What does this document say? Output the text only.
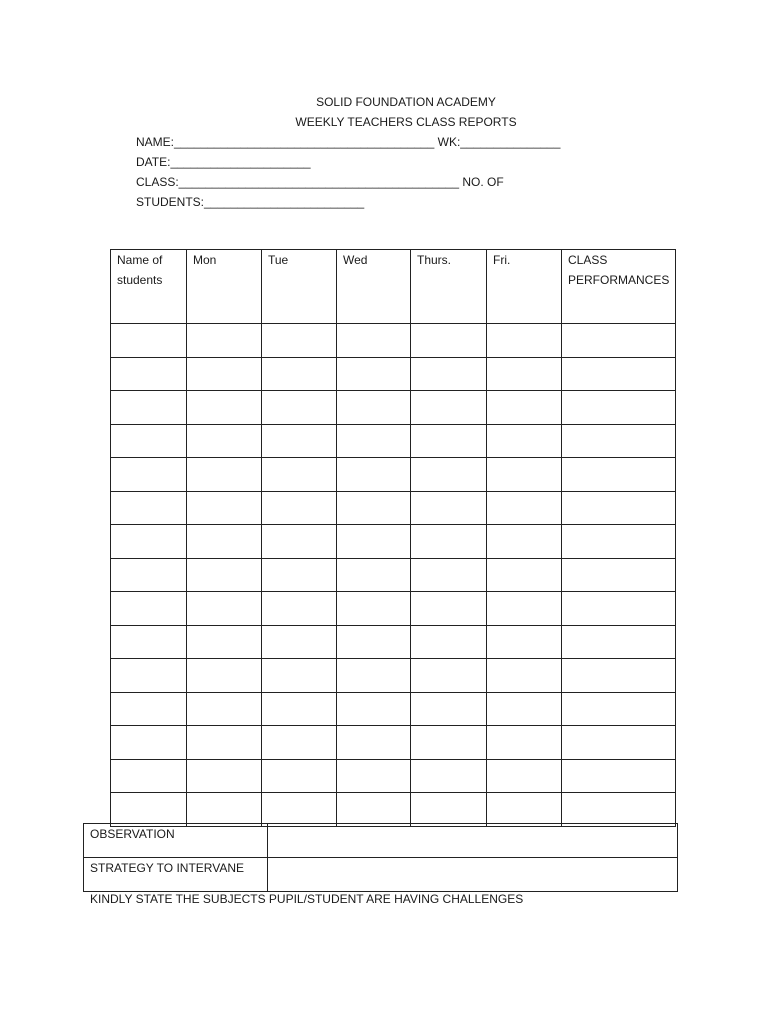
SOLID FOUNDATION ACADEMY
WEEKLY TEACHERS CLASS REPORTS
NAME:_______________________________________ WK:_______________
DATE:_____________________
CLASS:__________________________________________ NO. OF
STUDENTS:________________________
Name of students	Mon	Tue	Wed	Thurs.	Fri.	CLASS PERFORMANCES

OBSERVATION	
STRATEGY TO INTERVANE	
KINDLY STATE THE SUBJECTS PUPIL/STUDENT ARE HAVING CHALLENGES
